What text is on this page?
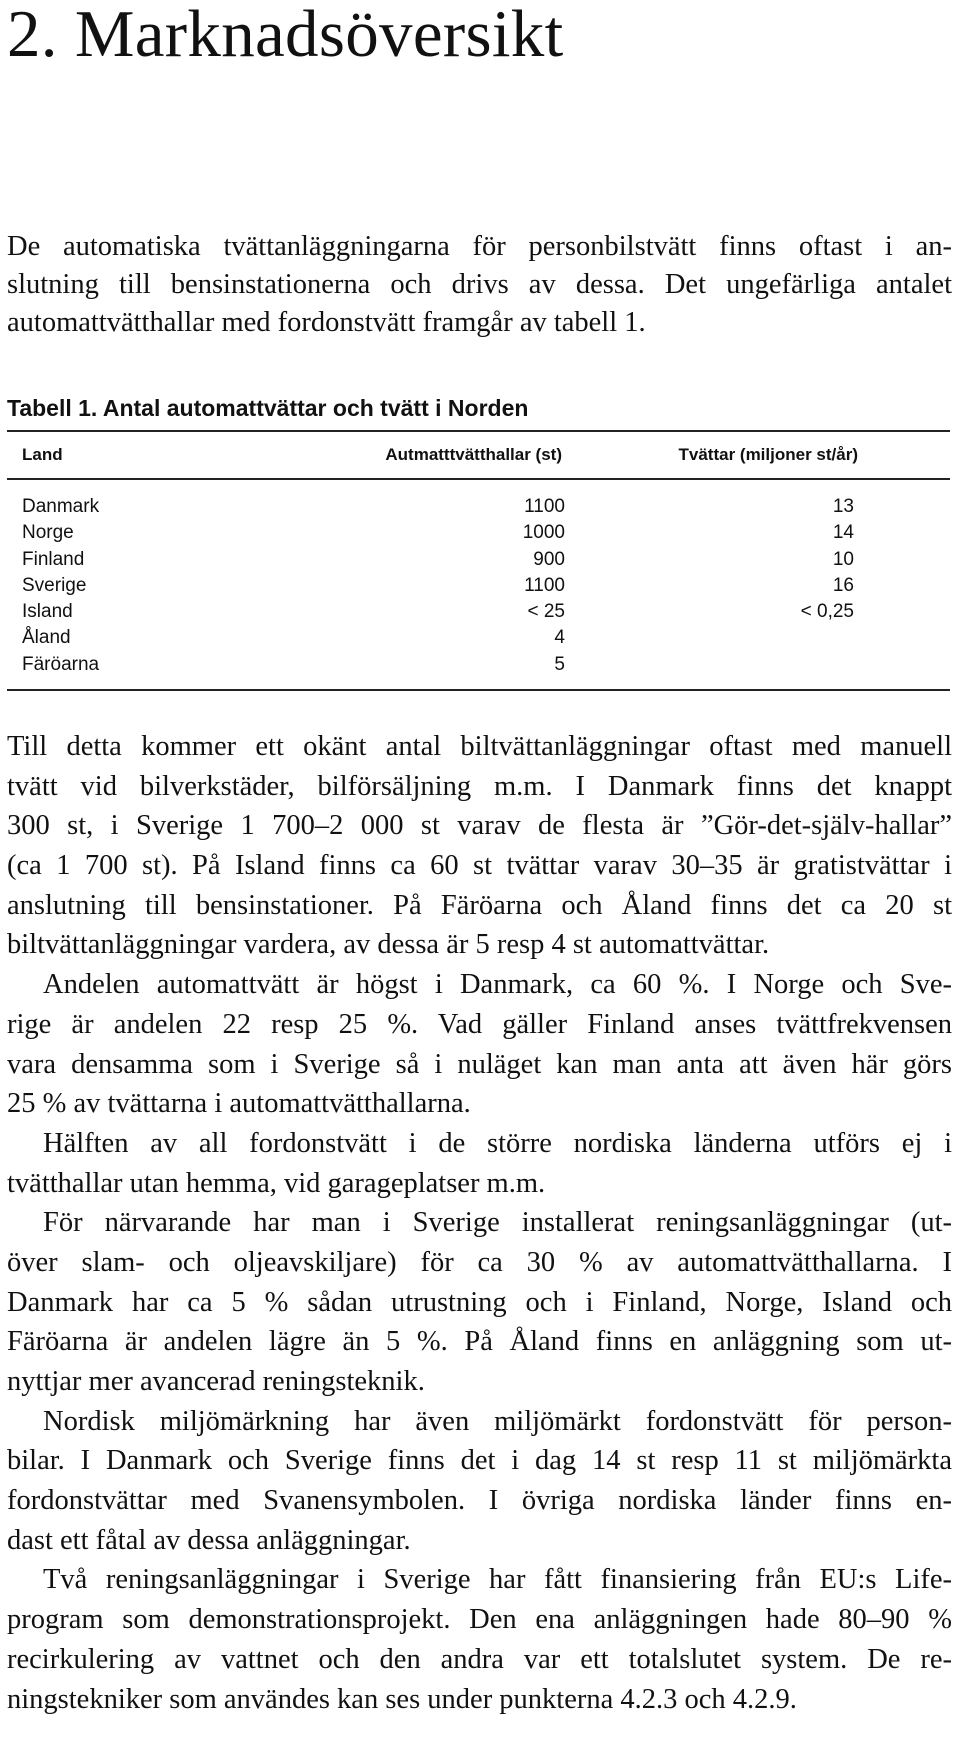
2. Marknadsöversikt

De automatiska tvättanläggningarna för personbilstvätt finns oftast i an-
slutning till bensinstationerna och drivs av dessa. Det ungefärliga antalet
automattvätthallar med fordonstvätt framgår av tabell 1.

Tabell 1. Antal automattvättar och tvätt i Norden

Land	Autmatttvätthallar (st)	Tvättar (miljoner st/år)
Danmark	1100	13
Norge	1000	14
Finland	900	10
Sverige	1100	16
Island	< 25	< 0,25
Åland	4
Färöarna	5
Till detta kommer ett okänt antal biltvättanläggningar oftast med manuell
tvätt vid bilverkstäder, bilförsäljning m.m. I Danmark finns det knappt
300 st, i Sverige 1 700–2 000 st varav de flesta är ”Gör-det-själv-hallar”
(ca 1 700 st). På Island finns ca 60 st tvättar varav 30–35 är gratistvättar i
anslutning till bensinstationer. På Färöarna och Åland finns det ca 20 st
biltvättanläggningar vardera, av dessa är 5 resp 4 st automattvättar.
Andelen automattvätt är högst i Danmark, ca 60 %. I Norge och Sve-
rige är andelen 22 resp 25 %. Vad gäller Finland anses tvättfrekvensen
vara densamma som i Sverige så i nuläget kan man anta att även här görs
25 % av tvättarna i automattvätthallarna.
Hälften av all fordonstvätt i de större nordiska länderna utförs ej i
tvätthallar utan hemma, vid garageplatser m.m.
För närvarande har man i Sverige installerat reningsanläggningar (ut-
över slam- och oljeavskiljare) för ca 30 % av automattvätthallarna. I
Danmark har ca 5 % sådan utrustning och i Finland, Norge, Island och
Färöarna är andelen lägre än 5 %. På Åland finns en anläggning som ut-
nyttjar mer avancerad reningsteknik.
Nordisk miljömärkning har även miljömärkt fordonstvätt för person-
bilar. I Danmark och Sverige finns det i dag 14 st resp 11 st miljömärkta
fordonstvättar med Svanensymbolen. I övriga nordiska länder finns en-
dast ett fåtal av dessa anläggningar.
Två reningsanläggningar i Sverige har fått finansiering från EU:s Life-
program som demonstrationsprojekt. Den ena anläggningen hade 80–90 %
recirkulering av vattnet och den andra var ett totalslutet system. De re-
ningstekniker som användes kan ses under punkterna 4.2.3 och 4.2.9.
